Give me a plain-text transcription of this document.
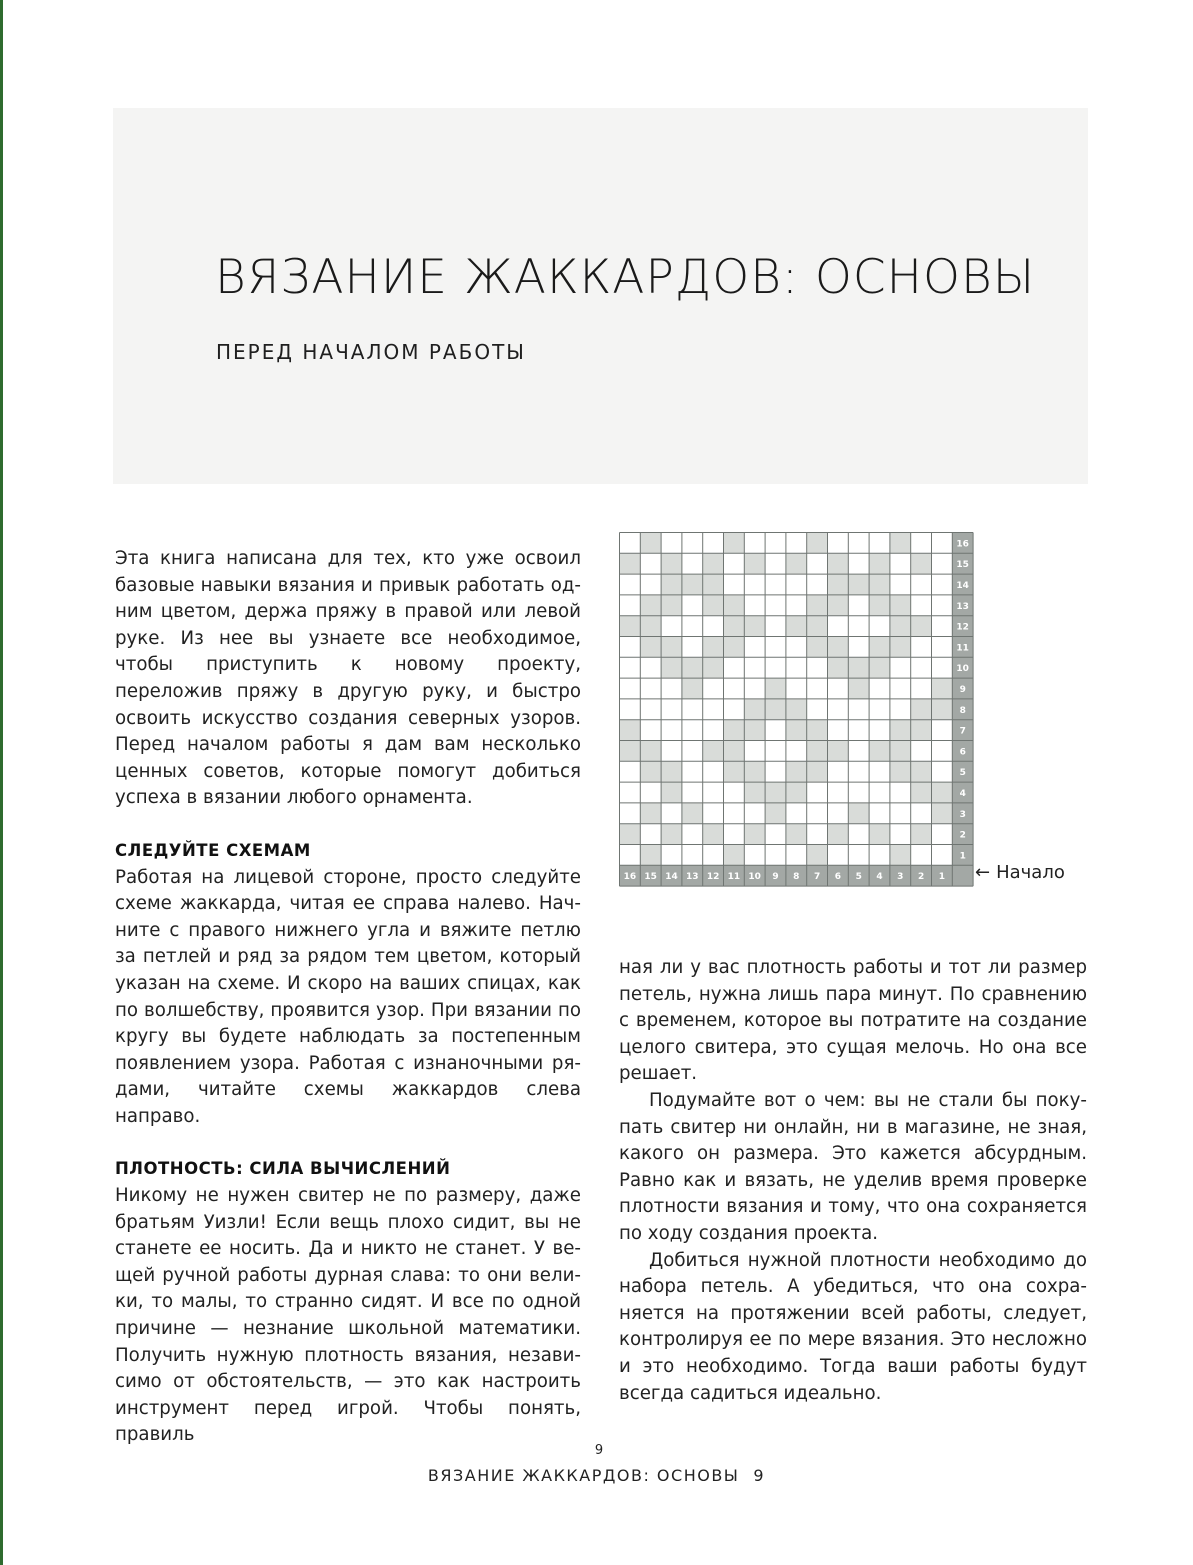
ВЯЗАНИЕ ЖАККАРДОВ: ОСНОВЫ
ПЕРЕД НАЧАЛОМ РАБОТЫ

Эта книга написана для тех, кто уже освоил базовые навыки вязания и привык работать одним цветом, держа пряжу в правой или левой руке. Из нее вы узнаете все необходимое, чтобы приступить к новому проекту, переложив пряжу в другую руку, и быстро освоить искусство создания северных узоров. Перед началом работы я дам вам несколько ценных советов, которые помогут добиться успеха в вязании любого орнамента.

СЛЕДУЙТЕ СХЕМАМ

Работая на лицевой стороне, просто следуйте схеме жаккарда, читая ее справа налево. Начните с правого нижнего угла и вяжите петлю за петлей и ряд за рядом тем цветом, который указан на схеме. И скоро на ваших спицах, как по волшебству, проявится узор. При вязании по кругу вы будете наблюдать за постепенным появлением узора. Работая с изнаночными рядами, читайте схемы жаккардов слева направо.

ПЛОТНОСТЬ: СИЛА ВЫЧИСЛЕНИЙ

Никому не нужен свитер не по размеру, даже братьям Уизли! Если вещь плохо сидит, вы не станете ее носить. Да и никто не станет. У вещей ручной работы дурная слава: то они велики, то малы, то странно сидят. И все по одной причине — незнание школьной математики. Получить нужную плотность вязания, независимо от обстоятельств, — это как настроить инструмент перед игрой. Чтобы понять, правиль

16
15
14
13
12
11
10
9
8
7
6
5
4
3
2
1
16 15 14 13 12 11 10 9 8 7 6 5 4 3 2 1 ← Начало

ная ли у вас плотность работы и тот ли размер петель, нужна лишь пара минут. По сравнению с временем, которое вы потратите на создание целого свитера, это сущая мелочь. Но она все решает.

Подумайте вот о чем: вы не стали бы покупать свитер ни онлайн, ни в магазине, не зная, какого он размера. Это кажется абсурдным. Равно как и вязать, не уделив время проверке плотности вязания и тому, что она сохраняется по ходу создания проекта.

Добиться нужной плотности необходимо до набора петель. А убедиться, что она сохраняется на протяжении всей работы, следует, контролируя ее по мере вязания. Это несложно и это необходимо. Тогда ваши работы будут всегда садиться идеально.

9
ВЯЗАНИЕ ЖАККАРДОВ: ОСНОВЫ 9
